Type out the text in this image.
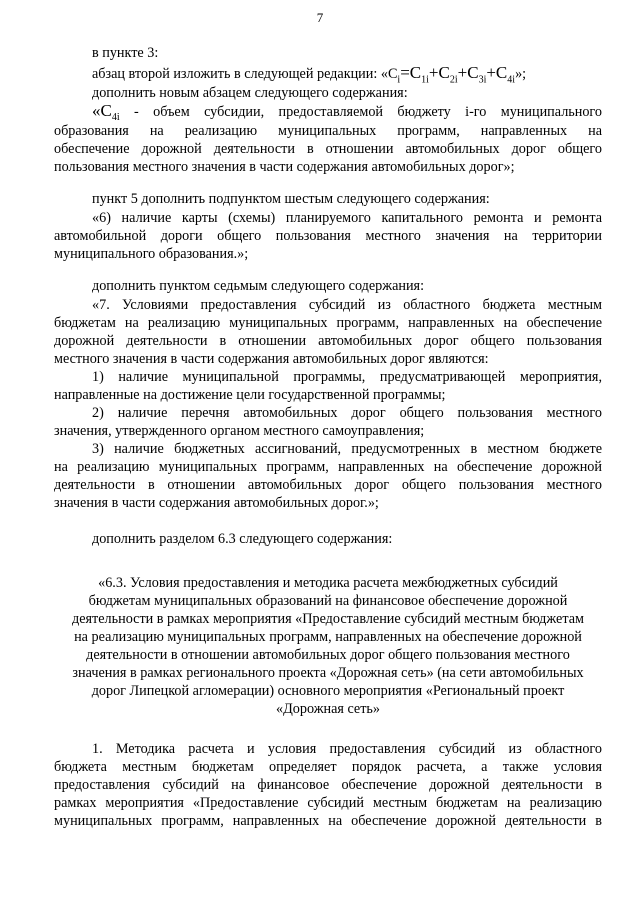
7
в пункте 3:
абзац второй изложить в следующей редакции: «$C_i=C_{1i}+C_{2i}+C_{3i}+C_{4i}$»;
дополнить новым абзацем следующего содержания:
«$C_{4i}$ - объем субсидии, предоставляемой бюджету i-го муниципального
образования на реализацию муниципальных программ, направленных на
обеспечение дорожной деятельности в отношении автомобильных дорог общего
пользования местного значения в части содержания автомобильных дорог»;
пункт 5 дополнить подпунктом шестым следующего содержания:
«6) наличие карты (схемы) планируемого капитального ремонта и ремонта
автомобильной дороги общего пользования местного значения на территории
муниципального образования.»;
дополнить пунктом седьмым следующего содержания:
«7. Условиями предоставления субсидий из областного бюджета местным
бюджетам на реализацию муниципальных программ, направленных на обеспечение
дорожной деятельности в отношении автомобильных дорог общего пользования
местного значения в части содержания автомобильных дорог являются:
1) наличие муниципальной программы, предусматривающей мероприятия,
направленные на достижение цели государственной программы;
2) наличие перечня автомобильных дорог общего пользования местного
значения, утвержденного органом местного самоуправления;
3) наличие бюджетных ассигнований, предусмотренных в местном бюджете
на реализацию муниципальных программ, направленных на обеспечение дорожной
деятельности в отношении автомобильных дорог общего пользования местного
значения в части содержания автомобильных дорог.»;
дополнить разделом 6.3 следующего содержания:
«6.3. Условия предоставления и методика расчета межбюджетных субсидий
бюджетам муниципальных образований на финансовое обеспечение дорожной
деятельности в рамках мероприятия «Предоставление субсидий местным бюджетам
на реализацию муниципальных программ, направленных на обеспечение дорожной
деятельности в отношении автомобильных дорог общего пользования местного
значения в рамках регионального проекта «Дорожная сеть» (на сети автомобильных
дорог Липецкой агломерации) основного мероприятия «Региональный проект
«Дорожная сеть»
1. Методика расчета и условия предоставления субсидий из областного
бюджета местным бюджетам определяет порядок расчета, а также условия
предоставления субсидий на финансовое обеспечение дорожной деятельности в
рамках мероприятия «Предоставление субсидий местным бюджетам на реализацию
муниципальных программ, направленных на обеспечение дорожной деятельности в
